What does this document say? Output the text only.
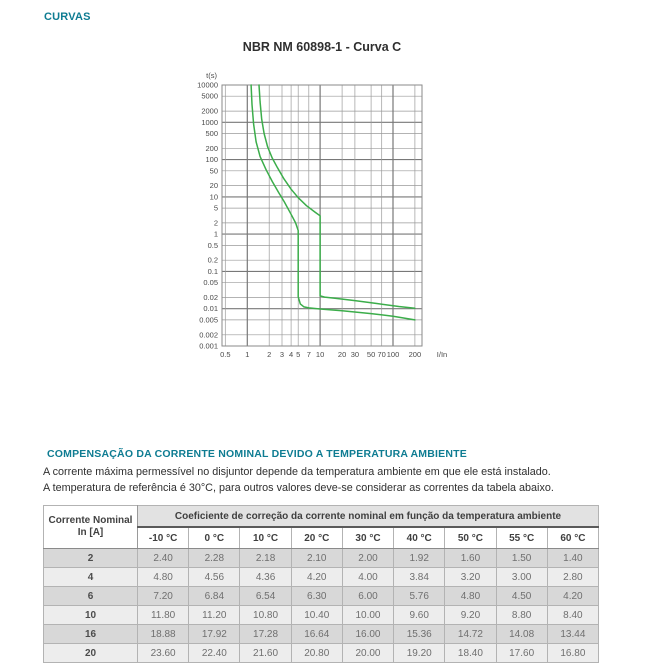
CURVAS
NBR NM 60898-1 - Curva C
10000
5000
2000
1000
500
200
100
50
20
10
5
2
1
0.5
0.2
0.1
0.05
0.02
0.01
0.005
0.002
0.001
0.5 1 2 3 4 5 7 10 20 30 50 70 100 200
t(s)
I/In
COMPENSAÇÃO DA CORRENTE NOMINAL DEVIDO A TEMPERATURA AMBIENTE
A corrente máxima permessível no disjuntor depende da temperatura ambiente em que ele está instalado.
A temperatura de referência é 30°C, para outros valores deve-se considerar as correntes da tabela abaixo.
Corrente Nominal
In [A]	Coeficiente de correção da corrente nominal em função da temperatura ambiente								
	-10 °C	0 °C	10 °C	20 °C	30 °C	40 °C	50 °C	55 °C	60 °C
2	2.40	2.28	2.18	2.10	2.00	1.92	1.60	1.50	1.40
4	4.80	4.56	4.36	4.20	4.00	3.84	3.20	3.00	2.80
6	7.20	6.84	6.54	6.30	6.00	5.76	4.80	4.50	4.20
10	11.80	11.20	10.80	10.40	10.00	9.60	9.20	8.80	8.40
16	18.88	17.92	17.28	16.64	16.00	15.36	14.72	14.08	13.44
20	23.60	22.40	21.60	20.80	20.00	19.20	18.40	17.60	16.80
